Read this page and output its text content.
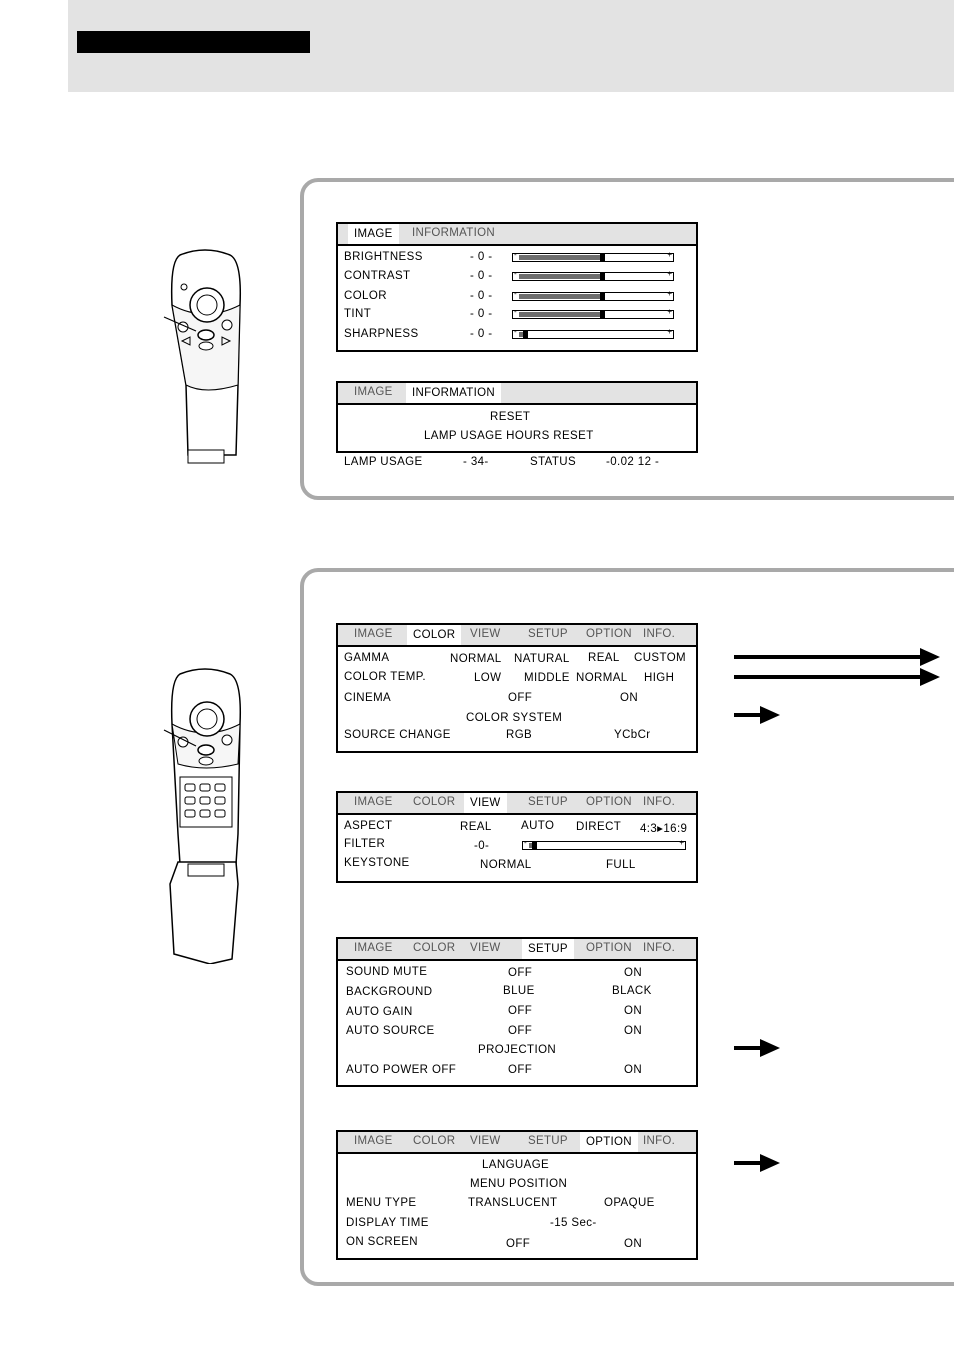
IMAGE	INFORMATION
BRIGHTNESS	- 0 -
CONTRAST	- 0 -
COLOR	- 0 -
TINT	- 0 -
SHARPNESS	- 0 -
-	+
-	+
-	+
-	+
-	+
IMAGE	INFORMATION
RESET
LAMP USAGE HOURS RESET
LAMP USAGE	- 34-	STATUS	-0.02 12 -
IMAGE	COLOR	VIEW SETUP OPTION INFO.
GAMMA	NORMAL NATURAL REAL CUSTOM
COLOR TEMP.	LOW MIDDLE NORMAL HIGH
CINEMA	OFF	ON
COLOR SYSTEM
SOURCE CHANGE	RGB	YCbCr
IMAGE COLOR	VIEW	SETUP OPTION INFO.
ASPECT	REAL	AUTO DIRECT 4:3▸16:9
FILTER	-0-	-	+
KEYSTONE	NORMAL	FULL
IMAGE COLOR VIEW	SETUP	OPTION INFO.
SOUND MUTE	OFF	ON
BACKGROUND	BLUE	BLACK
AUTO GAIN	OFF	ON
AUTO SOURCE	OFF	ON
PROJECTION
AUTO POWER OFF	OFF	ON
IMAGE COLOR VIEW SETUP	OPTION INFO.
LANGUAGE
MENU POSITION
MENU TYPE	TRANSLUCENT	OPAQUE
DISPLAY TIME	-15 Sec-
ON SCREEN	OFF	ON
